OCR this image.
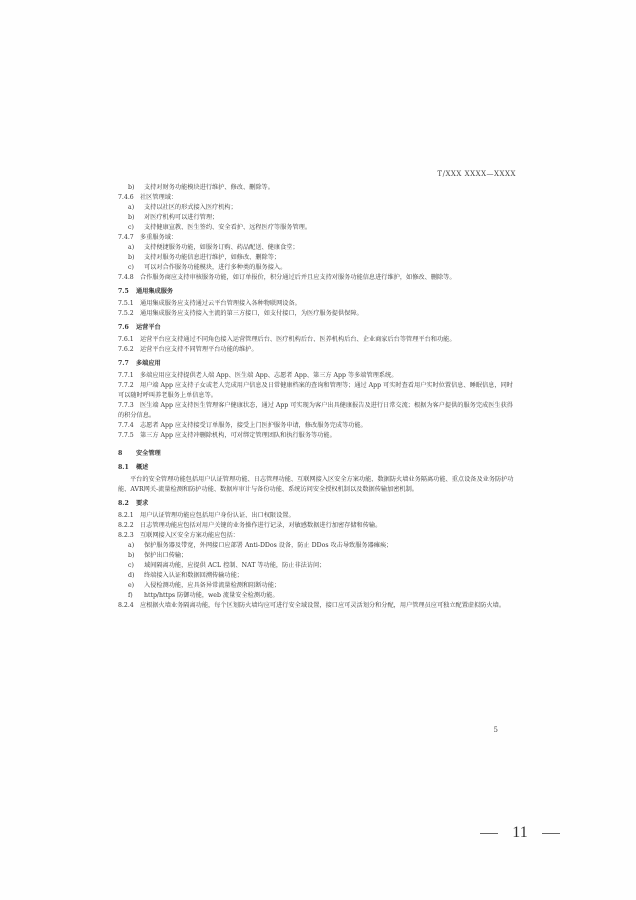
T/XXX XXXX—XXXX
b) 支持对财务功能模块进行维护、修改、删除等。
7.4.6 社区管理域：
a) 支持以社区的形式接入医疗机构；
b) 对医疗机构可以进行管理；
c) 支持健康宣教、医生签约、安全看护、远程医疗等服务管理。
7.4.7 多重服务域：
a) 支持便捷服务功能，如服务订购、药品配送、健康食堂；
b) 支持对服务功能信息进行维护，如修改、删除等；
c) 可以对合作服务功能模块，进行多种类的服务接入。
7.4.8 合作服务商应支持审核服务功能，如订单报价，积分通过后并且应支持对服务功能信息进行维护，如修改、删除等。
7.5 通用集成服务
7.5.1 通用集成服务应支持通过云平台管理接入各种物联网设备。
7.5.2 通用集成服务应支持接入主流的第三方接口，如支付接口，为医疗服务提供保障。
7.6 运营平台
7.6.1 运营平台应支持通过不同角色接入运营管理后台、医疗机构后台、医养机构后台、企业商家后台等管理平台和功能。
7.6.2 运营平台应支持不同管理平台功能的维护。
7.7 多端应用
7.7.1 多端应用应支持提供老人端 App、医生端 App、志愿者 App、第三方 App 等多端管理系统。
7.7.2 用户端 App 应支持子女或老人完成用户信息及日常健康档案的查询和管理等；通过 App 可实时查看用户实时位置信息、睡眠信息，同时可以随时呼叫养老服务上单信息等。
7.7.3 医生端 App 应支持医生管理客户健康状态，通过 App 可实现为客户出具健康报告及进行日常交流；根据为客户提供的服务完成医生获得的积分信息。
7.7.4 志愿者 App 应支持接受订单服务，接受上门医护服务申请，修改服务完成等功能。
7.7.5 第三方 App 应支持冲删除机构，可对绑定管理团队和执行服务等功能。
8 安全管理
8.1 概述
平台的安全管理功能包括用户认证管理功能、日志管理功能、互联网接入区安全方案功能、数据防火墙业务隔离功能、重点设备及业务防护功能、AVR网关-流量检测和防护功能、数据库审计与备份功能、系统访问安全授权机制以及数据传输加密机制。
8.2 要求
8.2.1 用户认证管理功能应包括用户身份认证、出口权限设置。
8.2.2 日志管理功能应包括对用户关键的业务操作进行记录，对敏感数据进行加密存储和传输。
8.2.3 互联网接入区安全方案功能应包括：
a) 保护服务器及带宽，外网接口应部署 Anti-DDos 设备，防止 DDos 攻击导致服务器瘫痪；
b) 保护出口传输；
c) 域间隔离功能，应提供 ACL 控制、NAT 等功能，防止非法访问；
d) 终端接入认证和数据回溯传输功能；
e) 入侵检测功能，应具备异常流量检测和阻断功能；
f) http/https 防御功能，web 流量安全检测功能。
8.2.4 应根据火墙业务隔离功能，每个区划防火墙均应可进行安全域设置，接口应可灵活划分和分配，用户管理员应可独立配置虚拟防火墙。
5
11
